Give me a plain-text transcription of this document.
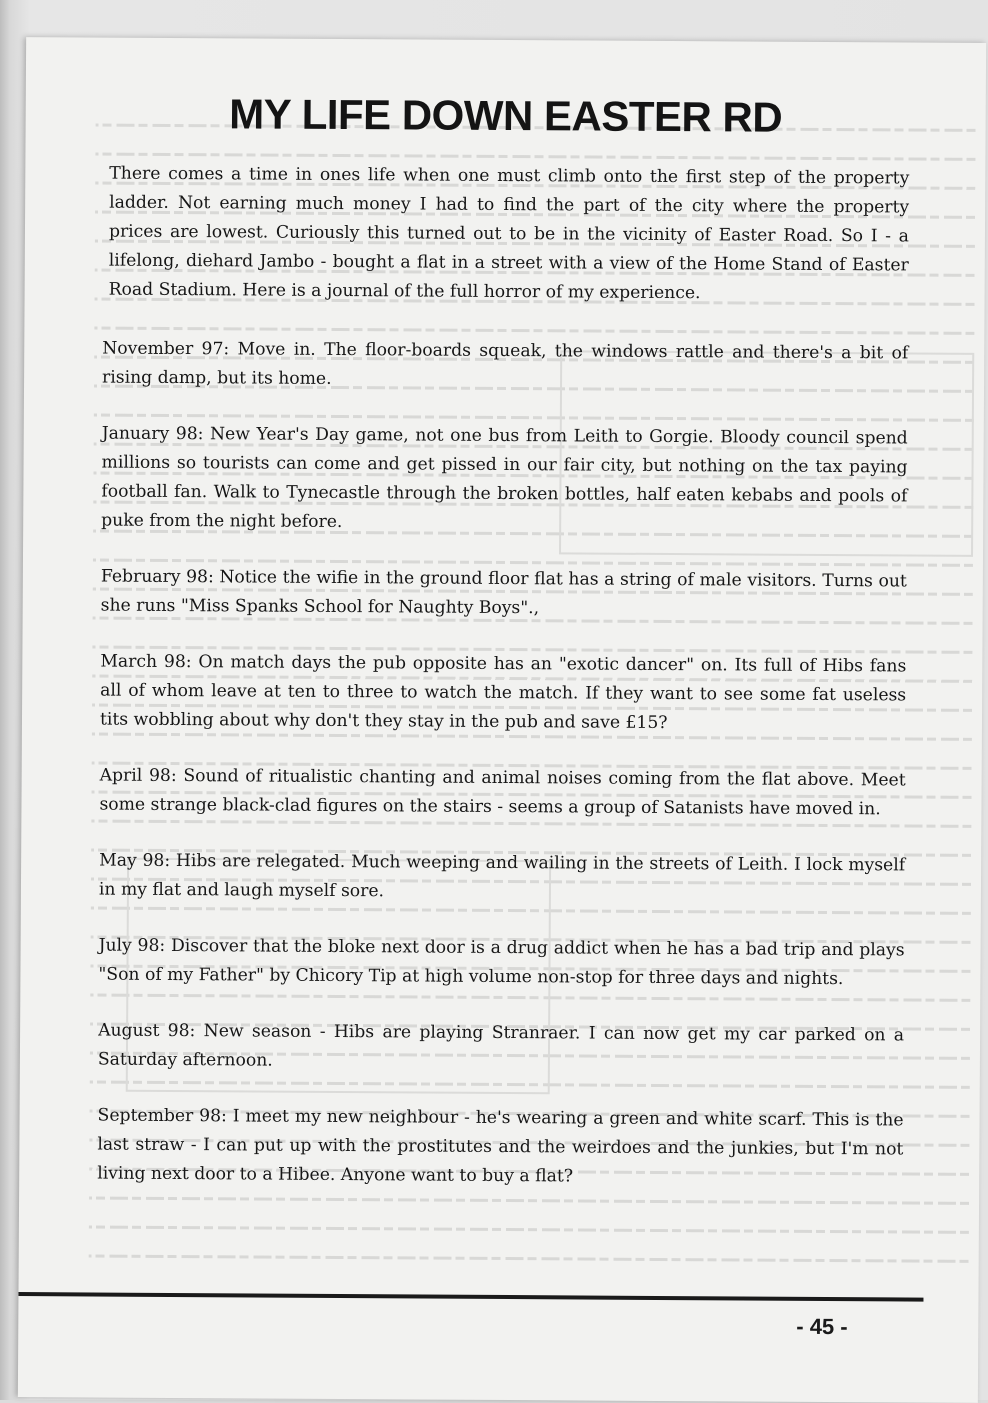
MY LIFE DOWN EASTER RD

There comes a time in ones life when one must climb onto the first step of the property ladder. Not earning much money I had to find the part of the city where the property prices are lowest. Curiously this turned out to be in the vicinity of Easter Road. So I - a lifelong, diehard Jambo - bought a flat in a street with a view of the Home Stand of Easter Road Stadium. Here is a journal of the full horror of my experience.

November 97: Move in. The floor-boards squeak, the windows rattle and there's a bit of rising damp, but its home.

January 98: New Year's Day game, not one bus from Leith to Gorgie. Bloody council spend millions so tourists can come and get pissed in our fair city, but nothing on the tax paying football fan. Walk to Tynecastle through the broken bottles, half eaten kebabs and pools of puke from the night before.

February 98: Notice the wifie in the ground floor flat has a string of male visitors. Turns out she runs "Miss Spanks School for Naughty Boys".,

March 98: On match days the pub opposite has an "exotic dancer" on. Its full of Hibs fans all of whom leave at ten to three to watch the match. If they want to see some fat useless tits wobbling about why don't they stay in the pub and save £15?

April 98: Sound of ritualistic chanting and animal noises coming from the flat above. Meet some strange black-clad figures on the stairs - seems a group of Satanists have moved in.

May 98: Hibs are relegated. Much weeping and wailing in the streets of Leith. I lock myself in my flat and laugh myself sore.

July 98: Discover that the bloke next door is a drug addict when he has a bad trip and plays "Son of my Father" by Chicory Tip at high volume non-stop for three days and nights.

August 98: New season - Hibs are playing Stranraer. I can now get my car parked on a Saturday afternoon.

September 98: I meet my new neighbour - he's wearing a green and white scarf. This is the last straw - I can put up with the prostitutes and the weirdoes and the junkies, but I'm not living next door to a Hibee. Anyone want to buy a flat?

- 45 -
